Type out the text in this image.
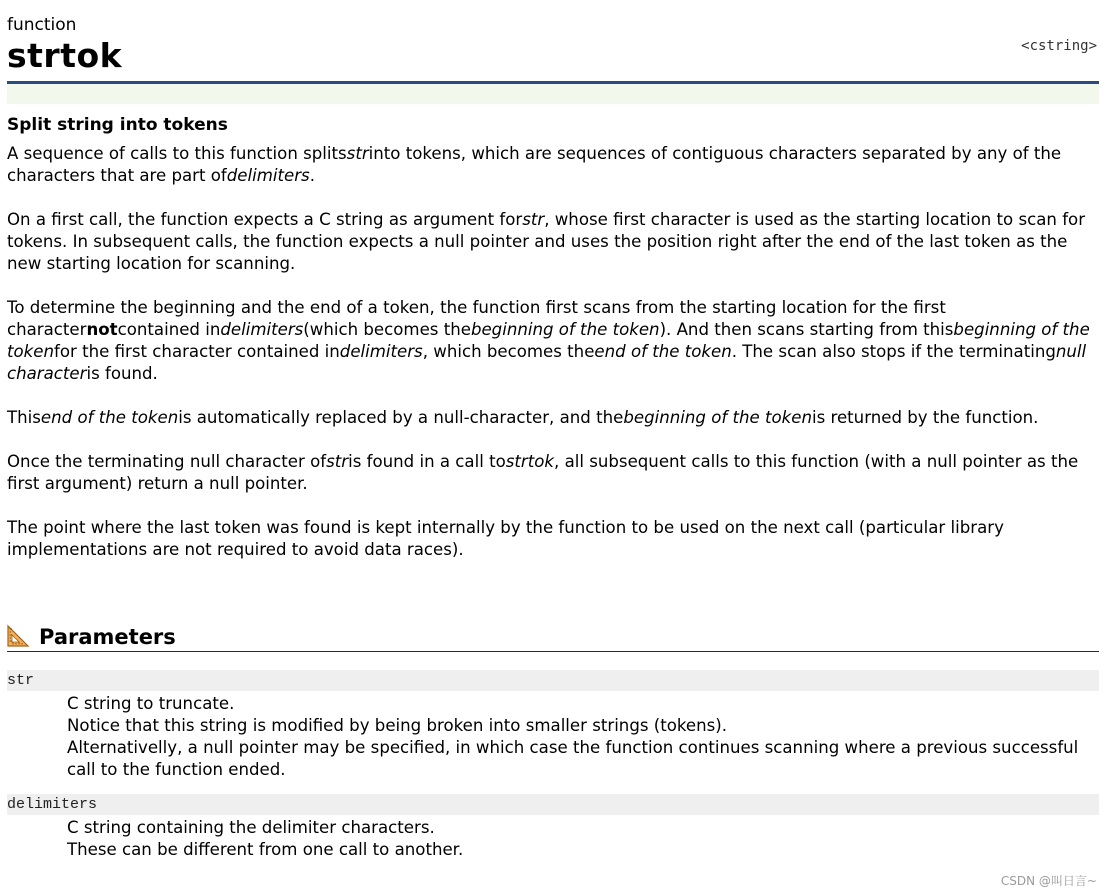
function
strtok	<cstring>

Split string into tokens

A sequence of calls to this function splitsstrinto tokens, which are sequences of contiguous characters separated by any of the characters that are part ofdelimiters.

On a first call, the function expects a C string as argument forstr, whose first character is used as the starting location to scan for tokens. In subsequent calls, the function expects a null pointer and uses the position right after the end of the last token as the new starting location for scanning.

To determine the beginning and the end of a token, the function first scans from the starting location for the first characternotcontained indelimiters(which becomes thebeginning of the token). And then scans starting from thisbeginning of the tokenfor the first character contained indelimiters, which becomes theend of the token. The scan also stops if the terminatingnull characteris found.

Thisend of the tokenis automatically replaced by a null-character, and thebeginning of the tokenis returned by the function.

Once the terminating null character ofstris found in a call tostrtok, all subsequent calls to this function (with a null pointer as the first argument) return a null pointer.

The point where the last token was found is kept internally by the function to be used on the next call (particular library implementations are not required to avoid data races).

Parameters
str
C string to truncate.
Notice that this string is modified by being broken into smaller strings (tokens).
Alternativelly, a null pointer may be specified, in which case the function continues scanning where a previous successful call to the function ended.
delimiters
C string containing the delimiter characters.
These can be different from one call to another.
CSDN @叫日言~
